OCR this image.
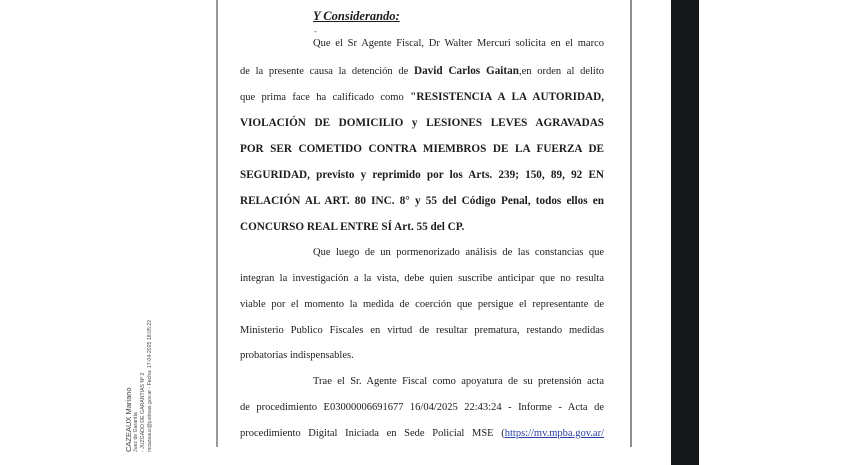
CAZEAUX Mariano Juez de Garantía - JUZGADO DE GARANTIAS Nº 2 mcazeaux@jusbsas.gov.ar - Fecha: 17-04-2025 18:05:22
Y Considerando:
-
Que el Sr Agente Fiscal, Dr Walter Mercuri solicita en el marco
de la presente causa la detención de David Carlos Gaitan,en orden al delito
que prima face ha calificado como "RESISTENCIA A LA AUTORIDAD,
VIOLACIÓN DE DOMICILIO y LESIONES LEVES AGRAVADAS
POR SER COMETIDO CONTRA MIEMBROS DE LA FUERZA DE
SEGURIDAD, previsto y reprimido por los Arts. 239; 150, 89, 92 EN
RELACIÓN AL ART. 80 INC. 8° y 55 del Código Penal, todos ellos en
CONCURSO REAL ENTRE SÍ Art. 55 del CP.
Que luego de un pormenorizado análisis de las constancias que
integran la investigación a la vista, debe quien suscribe anticipar que no resulta
viable por el momento la medida de coerción que persigue el representante de
Ministerio Publico Fiscales en virtud de resultar prematura, restando medidas
probatorias indispensables.
Trae el Sr. Agente Fiscal como apoyatura de su pretensión acta
de procedimiento E03000006691677 16/04/2025 22:43:24 - Informe - Acta de
procedimiento Digital Iniciada en Sede Policial MSE (https://mv.mpba.gov.ar/
